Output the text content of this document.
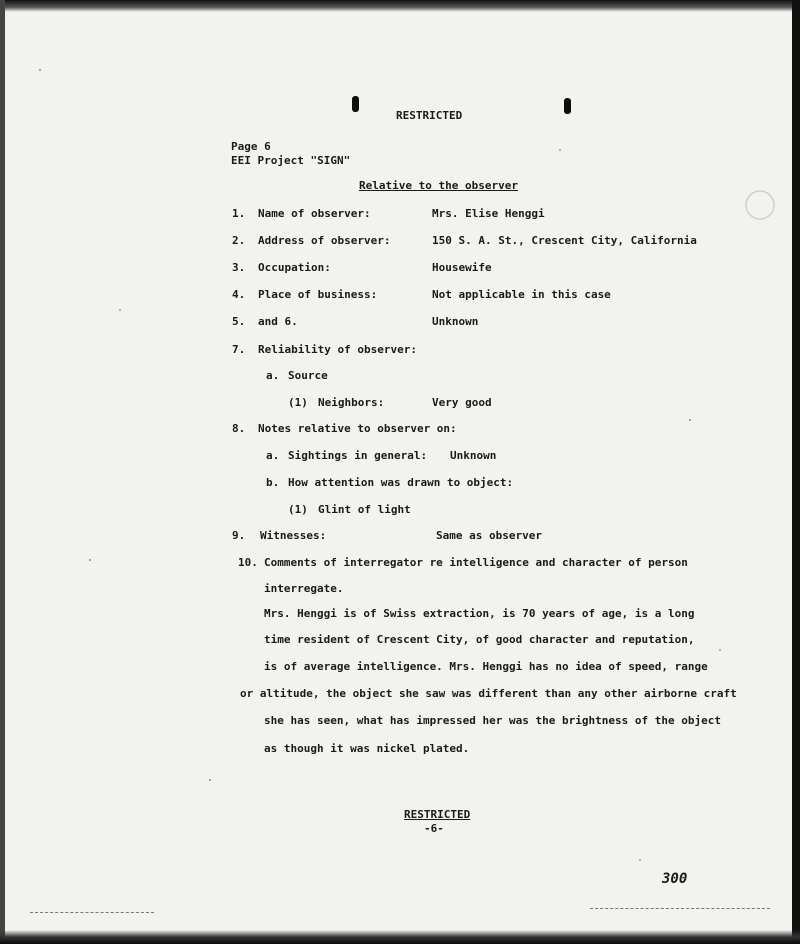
RESTRICTED
Page 6
EEI Project "SIGN"
Relative to the observer
1. Name of observer:	Mrs. Elise Henggi
2. Address of observer:	150 S. A. St., Crescent City, California
3. Occupation:	Housewife
4. Place of business:	Not applicable in this case
5. and 6.	Unknown
7. Reliability of observer:
a. Source
(1) Neighbors:	Very good
8. Notes relative to observer on:
a. Sightings in general: Unknown
b. How attention was drawn to object:
(1) Glint of light
9. Witnesses:	Same as observer
10. Comments of interregator re intelligence and character of person
interregate.
Mrs. Henggi is of Swiss extraction, is 70 years of age, is a long
time resident of Crescent City, of good character and reputation,
is of average intelligence. Mrs. Henggi has no idea of speed, range
or altitude, the object she saw was different than any other airborne craft
she has seen, what has impressed her was the brightness of the object
as though it was nickel plated.
RESTRICTED
-6-
300
